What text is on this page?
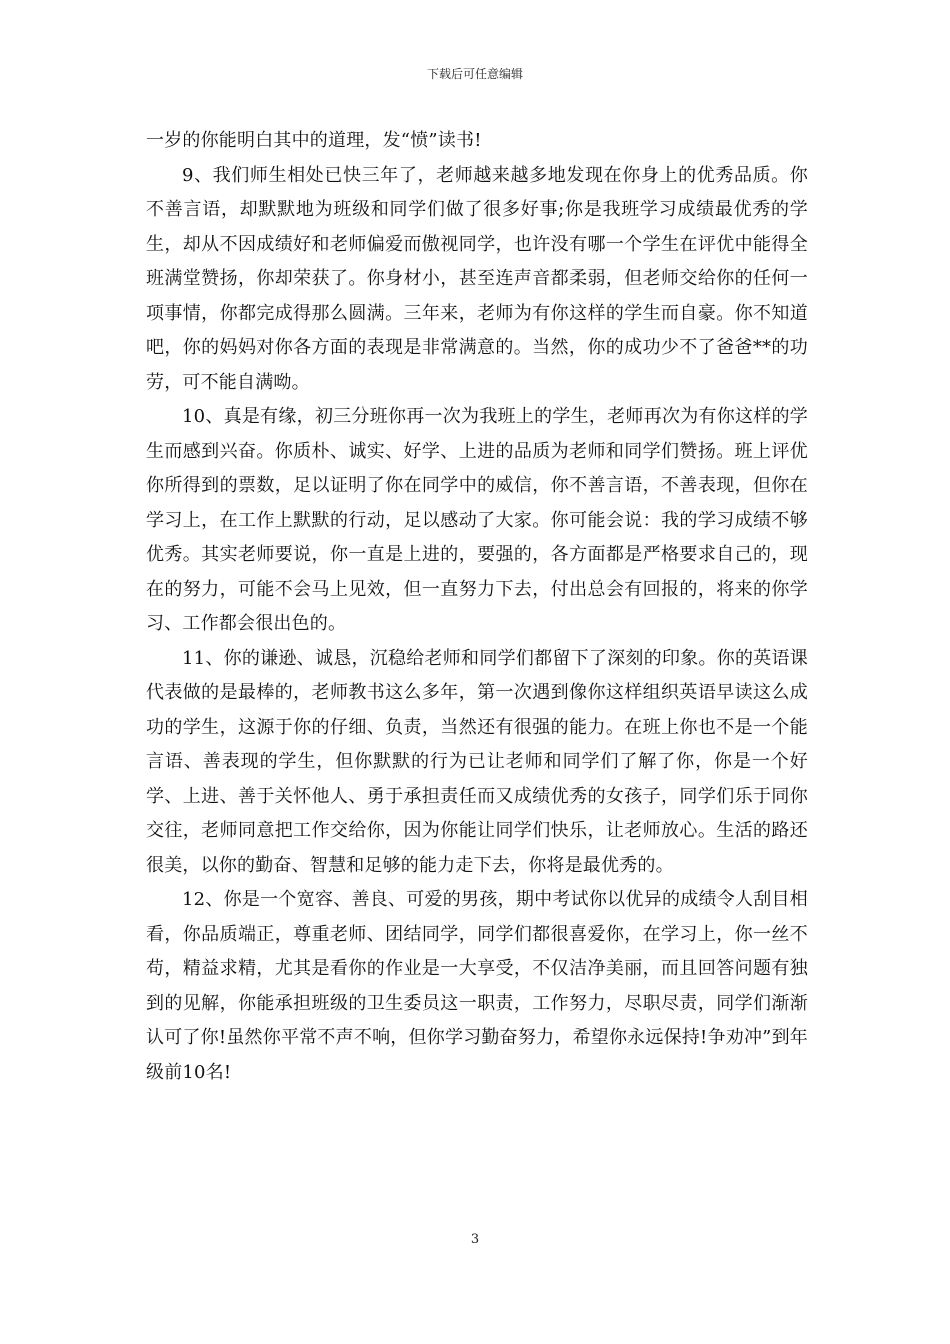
下载后可任意编辑

一岁的你能明白其中的道理，发“愤”读书!

9、我们师生相处已快三年了，老师越来越多地发现在你身上的优秀品质。你不善言语，却默默地为班级和同学们做了很多好事;你是我班学习成绩最优秀的学生，却从不因成绩好和老师偏爱而傲视同学，也许没有哪一个学生在评优中能得全班满堂赞扬，你却荣获了。你身材小，甚至连声音都柔弱，但老师交给你的任何一项事情，你都完成得那么圆满。三年来，老师为有你这样的学生而自豪。你不知道吧，你的妈妈对你各方面的表现是非常满意的。当然，你的成功少不了爸爸**的功劳，可不能自满呦。

10、真是有缘，初三分班你再一次为我班上的学生，老师再次为有你这样的学生而感到兴奋。你质朴、诚实、好学、上进的品质为老师和同学们赞扬。班上评优你所得到的票数，足以证明了你在同学中的威信，你不善言语，不善表现，但你在学习上，在工作上默默的行动，足以感动了大家。你可能会说：我的学习成绩不够优秀。其实老师要说，你一直是上进的，要强的，各方面都是严格要求自己的，现在的努力，可能不会马上见效，但一直努力下去，付出总会有回报的，将来的你学习、工作都会很出色的。

11、你的谦逊、诚恳，沉稳给老师和同学们都留下了深刻的印象。你的英语课代表做的是最棒的，老师教书这么多年，第一次遇到像你这样组织英语早读这么成功的学生，这源于你的仔细、负责，当然还有很强的能力。在班上你也不是一个能言语、善表现的学生，但你默默的行为已让老师和同学们了解了你，你是一个好学、上进、善于关怀他人、勇于承担责任而又成绩优秀的女孩子，同学们乐于同你交往，老师同意把工作交给你，因为你能让同学们快乐，让老师放心。生活的路还很美，以你的勤奋、智慧和足够的能力走下去，你将是最优秀的。

12、你是一个宽容、善良、可爱的男孩，期中考试你以优异的成绩令人刮目相看，你品质端正，尊重老师、团结同学，同学们都很喜爱你，在学习上，你一丝不苟，精益求精，尤其是看你的作业是一大享受，不仅洁净美丽，而且回答问题有独到的见解，你能承担班级的卫生委员这一职责，工作努力，尽职尽责，同学们渐渐认可了你!虽然你平常不声不响，但你学习勤奋努力，希望你永远保持!争劝冲”到年级前10名!

3
